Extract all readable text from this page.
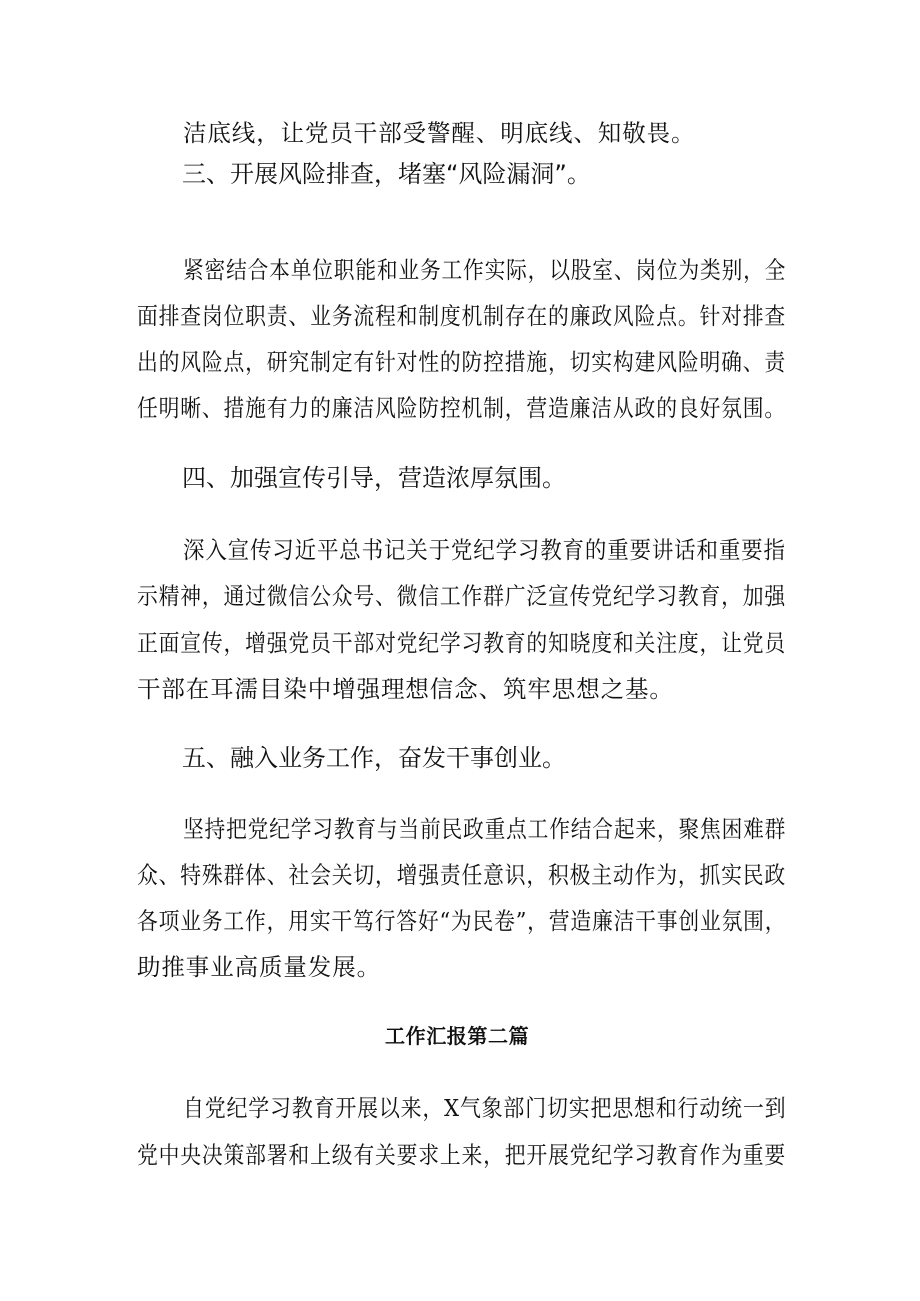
洁底线，让党员干部受警醒、明底线、知敬畏。
三、开展风险排查，堵塞“风险漏洞”。
紧密结合本单位职能和业务工作实际，以股室、岗位为类别，全
面排查岗位职责、业务流程和制度机制存在的廉政风险点。针对排查
出的风险点，研究制定有针对性的防控措施，切实构建风险明确、责
任明晰、措施有力的廉洁风险防控机制，营造廉洁从政的良好氛围。
四、加强宣传引导，营造浓厚氛围。
深入宣传习近平总书记关于党纪学习教育的重要讲话和重要指
示精神，通过微信公众号、微信工作群广泛宣传党纪学习教育，加强
正面宣传，增强党员干部对党纪学习教育的知晓度和关注度，让党员
干部在耳濡目染中增强理想信念、筑牢思想之基。
五、融入业务工作，奋发干事创业。
坚持把党纪学习教育与当前民政重点工作结合起来，聚焦困难群
众、特殊群体、社会关切，增强责任意识，积极主动作为，抓实民政
各项业务工作，用实干笃行答好“为民卷”，营造廉洁干事创业氛围，
助推事业高质量发展。
工作汇报第二篇
自党纪学习教育开展以来，X气象部门切实把思想和行动统一到
党中央决策部署和上级有关要求上来，把开展党纪学习教育作为重要
